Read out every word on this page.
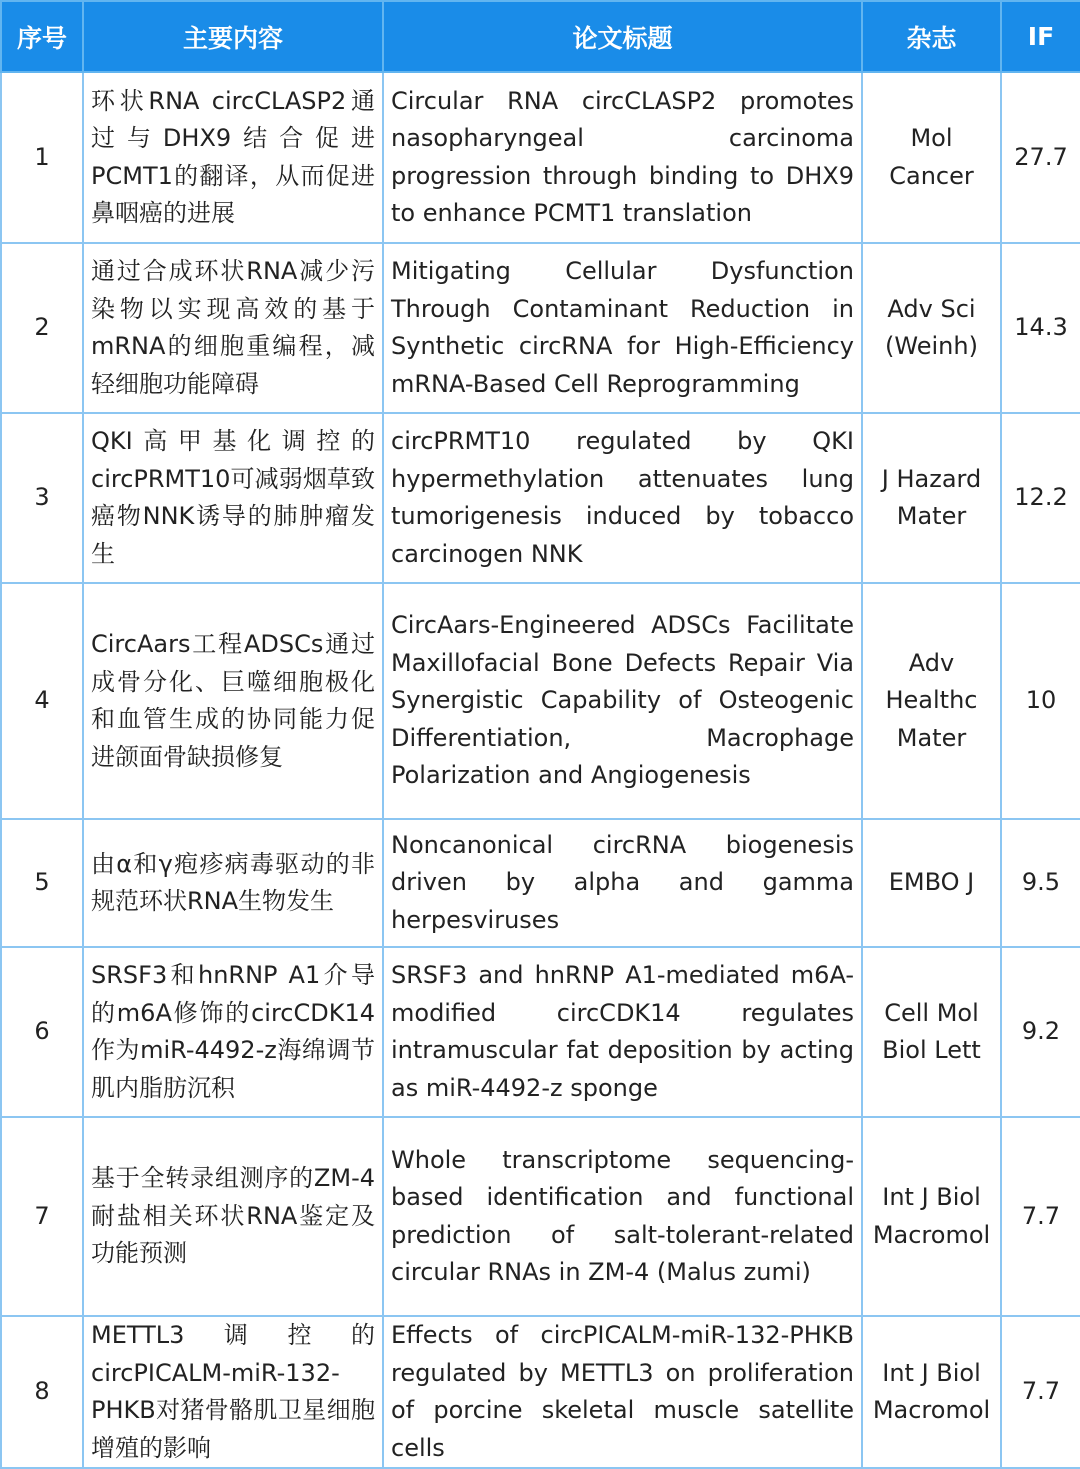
序号	主要内容	论文标题	杂志	IF
1	环状RNA circCLASP2通过与DHX9结合促进PCMT1的翻译，从而促进鼻咽癌的进展	Circular RNA circCLASP2 promotes nasopharyngeal carcinoma progression through binding to DHX9 to enhance PCMT1 translation	Mol Cancer	27.7
2	通过合成环状RNA减少污染物以实现高效的基于mRNA的细胞重编程，减轻细胞功能障碍	Mitigating Cellular Dysfunction Through Contaminant Reduction in Synthetic circRNA for High-Efficiency mRNA-Based Cell Reprogramming	Adv Sci (Weinh)	14.3
3	QKI高甲基化调控的circPRMT10可减弱烟草致癌物NNK诱导的肺肿瘤发生	circPRMT10 regulated by QKI hypermethylation attenuates lung tumorigenesis induced by tobacco carcinogen NNK	J Hazard Mater	12.2
4	CircAars工程ADSCs通过成骨分化、巨噬细胞极化和血管生成的协同能力促进颌面骨缺损修复	CircAars-Engineered ADSCs Facilitate Maxillofacial Bone Defects Repair Via Synergistic Capability of Osteogenic Differentiation, Macrophage Polarization and Angiogenesis	Adv Healthc Mater	10
5	由α和γ疱疹病毒驱动的非规范环状RNA生物发生	Noncanonical circRNA biogenesis driven by alpha and gamma herpesviruses	EMBO J	9.5
6	SRSF3和hnRNP A1介导的m6A修饰的circCDK14作为miR-4492-z海绵调节肌内脂肪沉积	SRSF3 and hnRNP A1-mediated m6A-modified circCDK14 regulates intramuscular fat deposition by acting as miR-4492-z sponge	Cell Mol Biol Lett	9.2
7	基于全转录组测序的ZM-4耐盐相关环状RNA鉴定及功能预测	Whole transcriptome sequencing-based identification and functional prediction of salt-tolerant-related circular RNAs in ZM-4 (Malus zumi)	Int J Biol Macromol	7.7
8	METTL3调控的circPICALM-miR-132-PHKB对猪骨骼肌卫星细胞增殖的影响	Effects of circPICALM-miR-132-PHKB regulated by METTL3 on proliferation of porcine skeletal muscle satellite cells	Int J Biol Macromol	7.7
